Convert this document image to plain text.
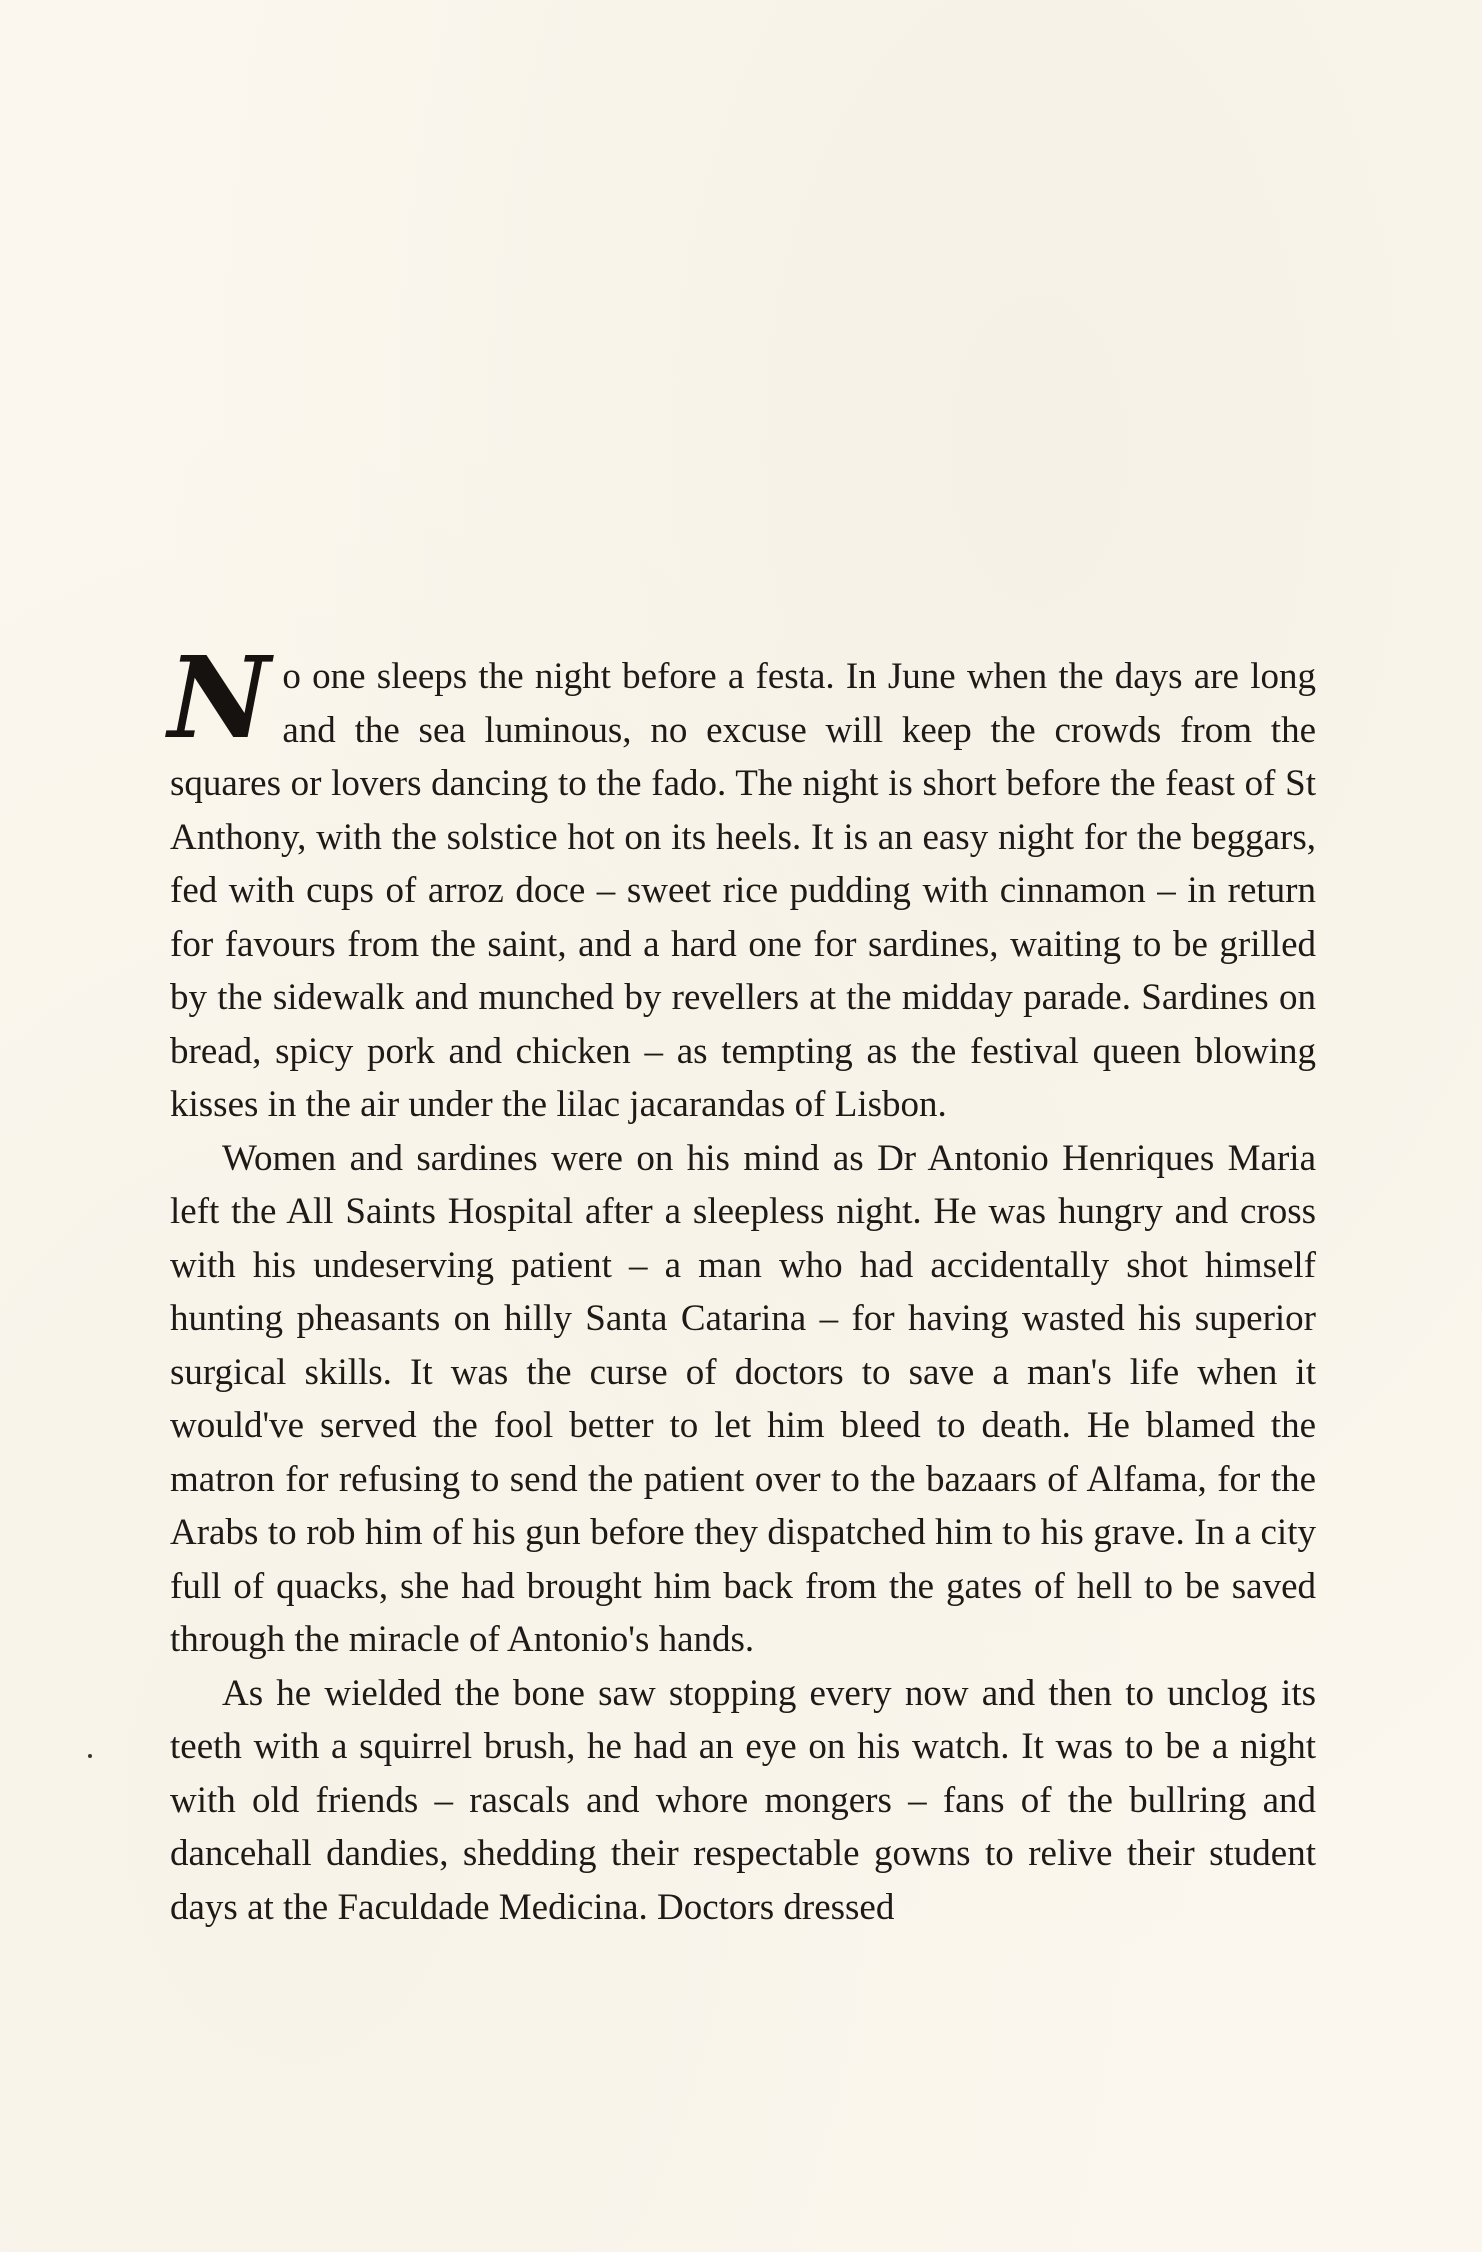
No one sleeps the night before a festa. In June when the days are long and the sea luminous, no excuse will keep the crowds from the squares or lovers dancing to the fado. The night is short before the feast of St Anthony, with the solstice hot on its heels. It is an easy night for the beggars, fed with cups of arroz doce – sweet rice pudding with cinnamon – in return for favours from the saint, and a hard one for sardines, waiting to be grilled by the sidewalk and munched by revellers at the midday parade. Sardines on bread, spicy pork and chicken – as tempting as the festival queen blowing kisses in the air under the lilac jacarandas of Lisbon.

Women and sardines were on his mind as Dr Antonio Henriques Maria left the All Saints Hospital after a sleepless night. He was hungry and cross with his undeserving patient – a man who had accidentally shot himself hunting pheasants on hilly Santa Catarina – for having wasted his superior surgical skills. It was the curse of doctors to save a man's life when it would've served the fool better to let him bleed to death. He blamed the matron for refusing to send the patient over to the bazaars of Alfama, for the Arabs to rob him of his gun before they dispatched him to his grave. In a city full of quacks, she had brought him back from the gates of hell to be saved through the miracle of Antonio's hands.

As he wielded the bone saw stopping every now and then to unclog its teeth with a squirrel brush, he had an eye on his watch. It was to be a night with old friends – rascals and whore mongers – fans of the bullring and dancehall dandies, shedding their respectable gowns to relive their student days at the Faculdade Medicina. Doctors dressed
